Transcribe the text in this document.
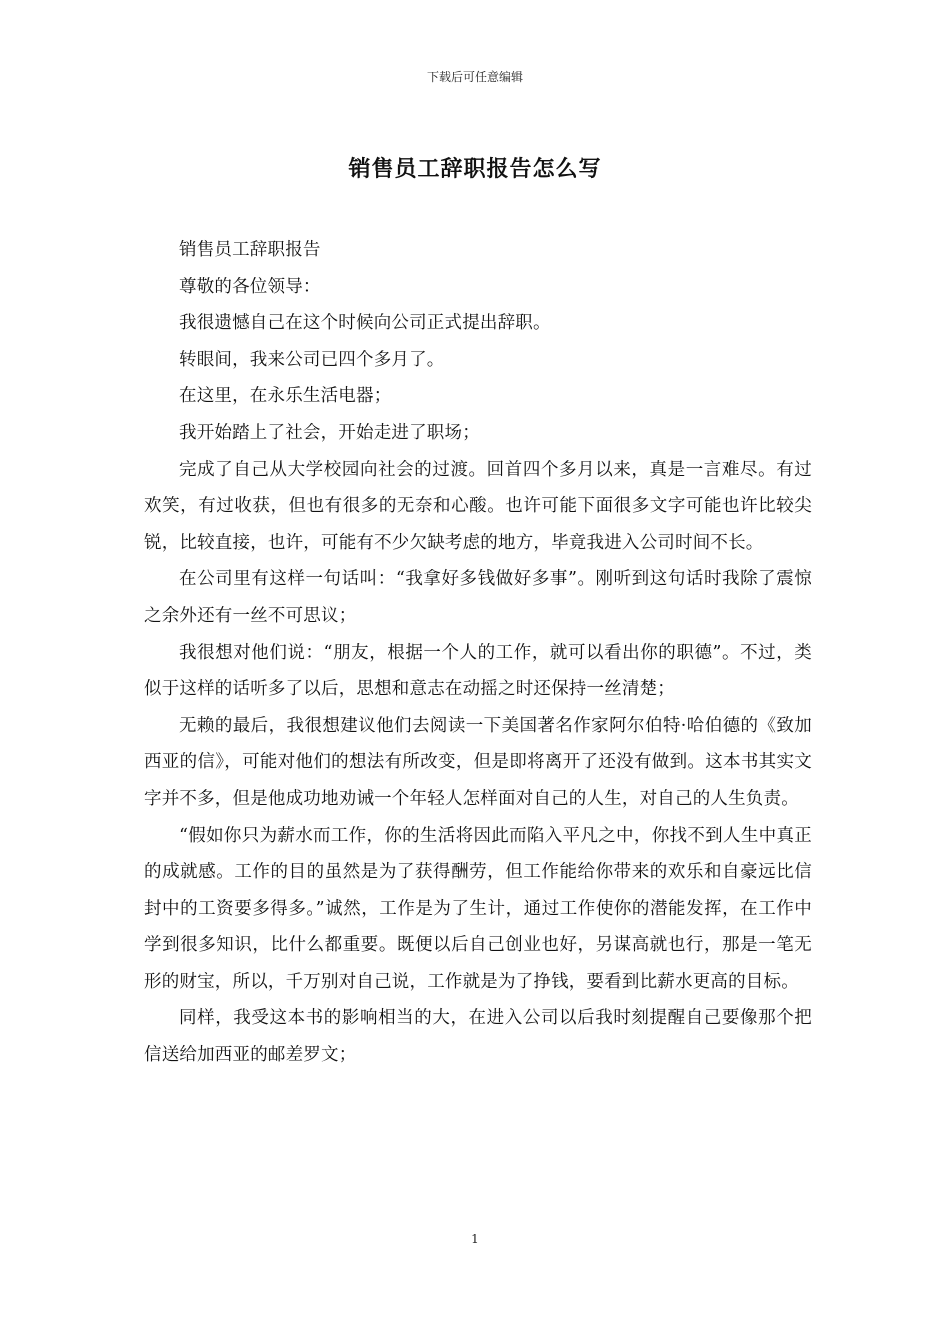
下载后可任意编辑
销售员工辞职报告怎么写

销售员工辞职报告

尊敬的各位领导：

我很遗憾自己在这个时候向公司正式提出辞职。

转眼间，我来公司已四个多月了。

在这里，在永乐生活电器；

我开始踏上了社会，开始走进了职场；

完成了自己从大学校园向社会的过渡。回首四个多月以来，真是一言难尽。有过欢笑，有过收获，但也有很多的无奈和心酸。也许可能下面很多文字可能也许比较尖锐，比较直接，也许，可能有不少欠缺考虑的地方，毕竟我进入公司时间不长。

在公司里有这样一句话叫：“我拿好多钱做好多事”。刚听到这句话时我除了震惊之余外还有一丝不可思议；

我很想对他们说：“朋友，根据一个人的工作，就可以看出你的职德”。不过，类似于这样的话听多了以后，思想和意志在动摇之时还保持一丝清楚；

无赖的最后，我很想建议他们去阅读一下美国著名作家阿尔伯特·哈伯德的《致加西亚的信》，可能对他们的想法有所改变，但是即将离开了还没有做到。这本书其实文字并不多，但是他成功地劝诫一个年轻人怎样面对自己的人生，对自己的人生负责。

“假如你只为薪水而工作，你的生活将因此而陷入平凡之中，你找不到人生中真正的成就感。工作的目的虽然是为了获得酬劳，但工作能给你带来的欢乐和自豪远比信封中的工资要多得多。”诚然，工作是为了生计，通过工作使你的潜能发挥，在工作中学到很多知识，比什么都重要。既便以后自己创业也好，另谋高就也行，那是一笔无形的财宝，所以，千万别对自己说，工作就是为了挣钱，要看到比薪水更高的目标。

同样，我受这本书的影响相当的大，在进入公司以后我时刻提醒自己要像那个把信送给加西亚的邮差罗文；

1
